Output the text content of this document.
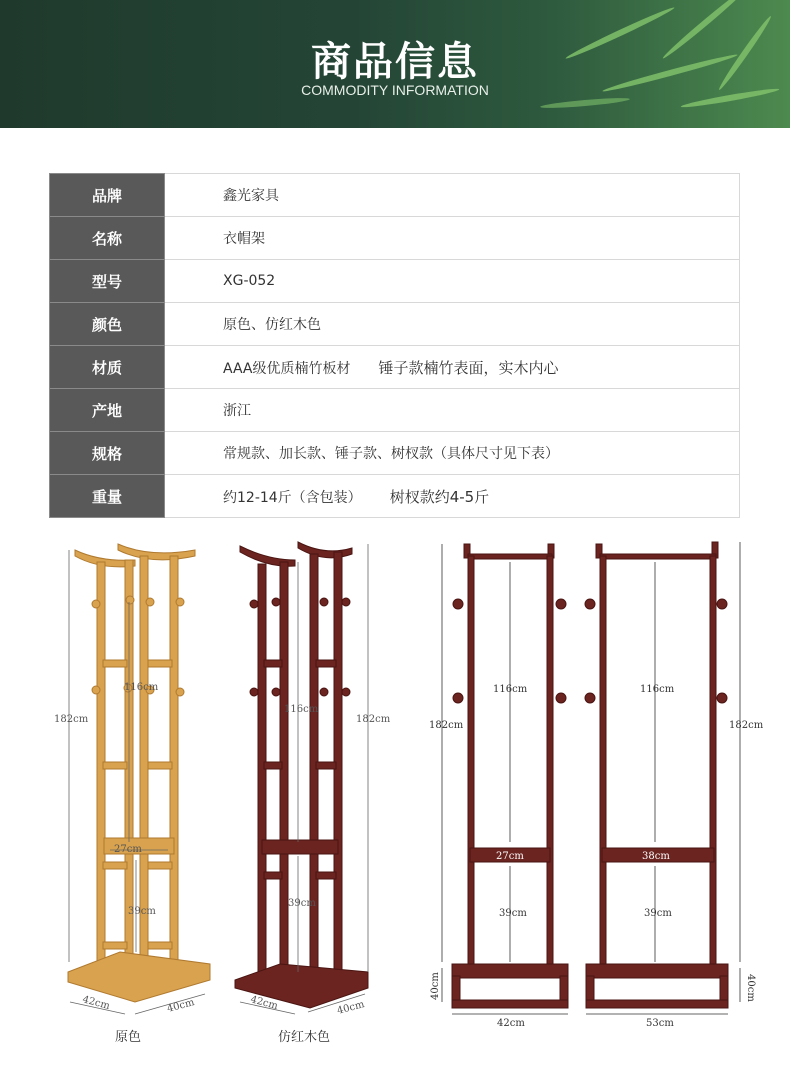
商品信息
COMMODITY INFORMATION
品牌	鑫光家具
名称	衣帽架
型号	XG-052
颜色	原色、仿红木色
材质	AAA级优质楠竹板材 锤子款楠竹表面，实木内心
产地	浙江
规格	常规款、加长款、锤子款、树杈款（具体尺寸见下表）
重量	约12-14斤（含包装） 树杈款约4-5斤
182cm
116cm
27cm
39cm
42cm	40cm
182cm
116cm
39cm
42cm	40cm
182cm
116cm
27cm
39cm
40cm
42cm
182cm
116cm
38cm
39cm
40cm
53cm
原色	仿红木色
